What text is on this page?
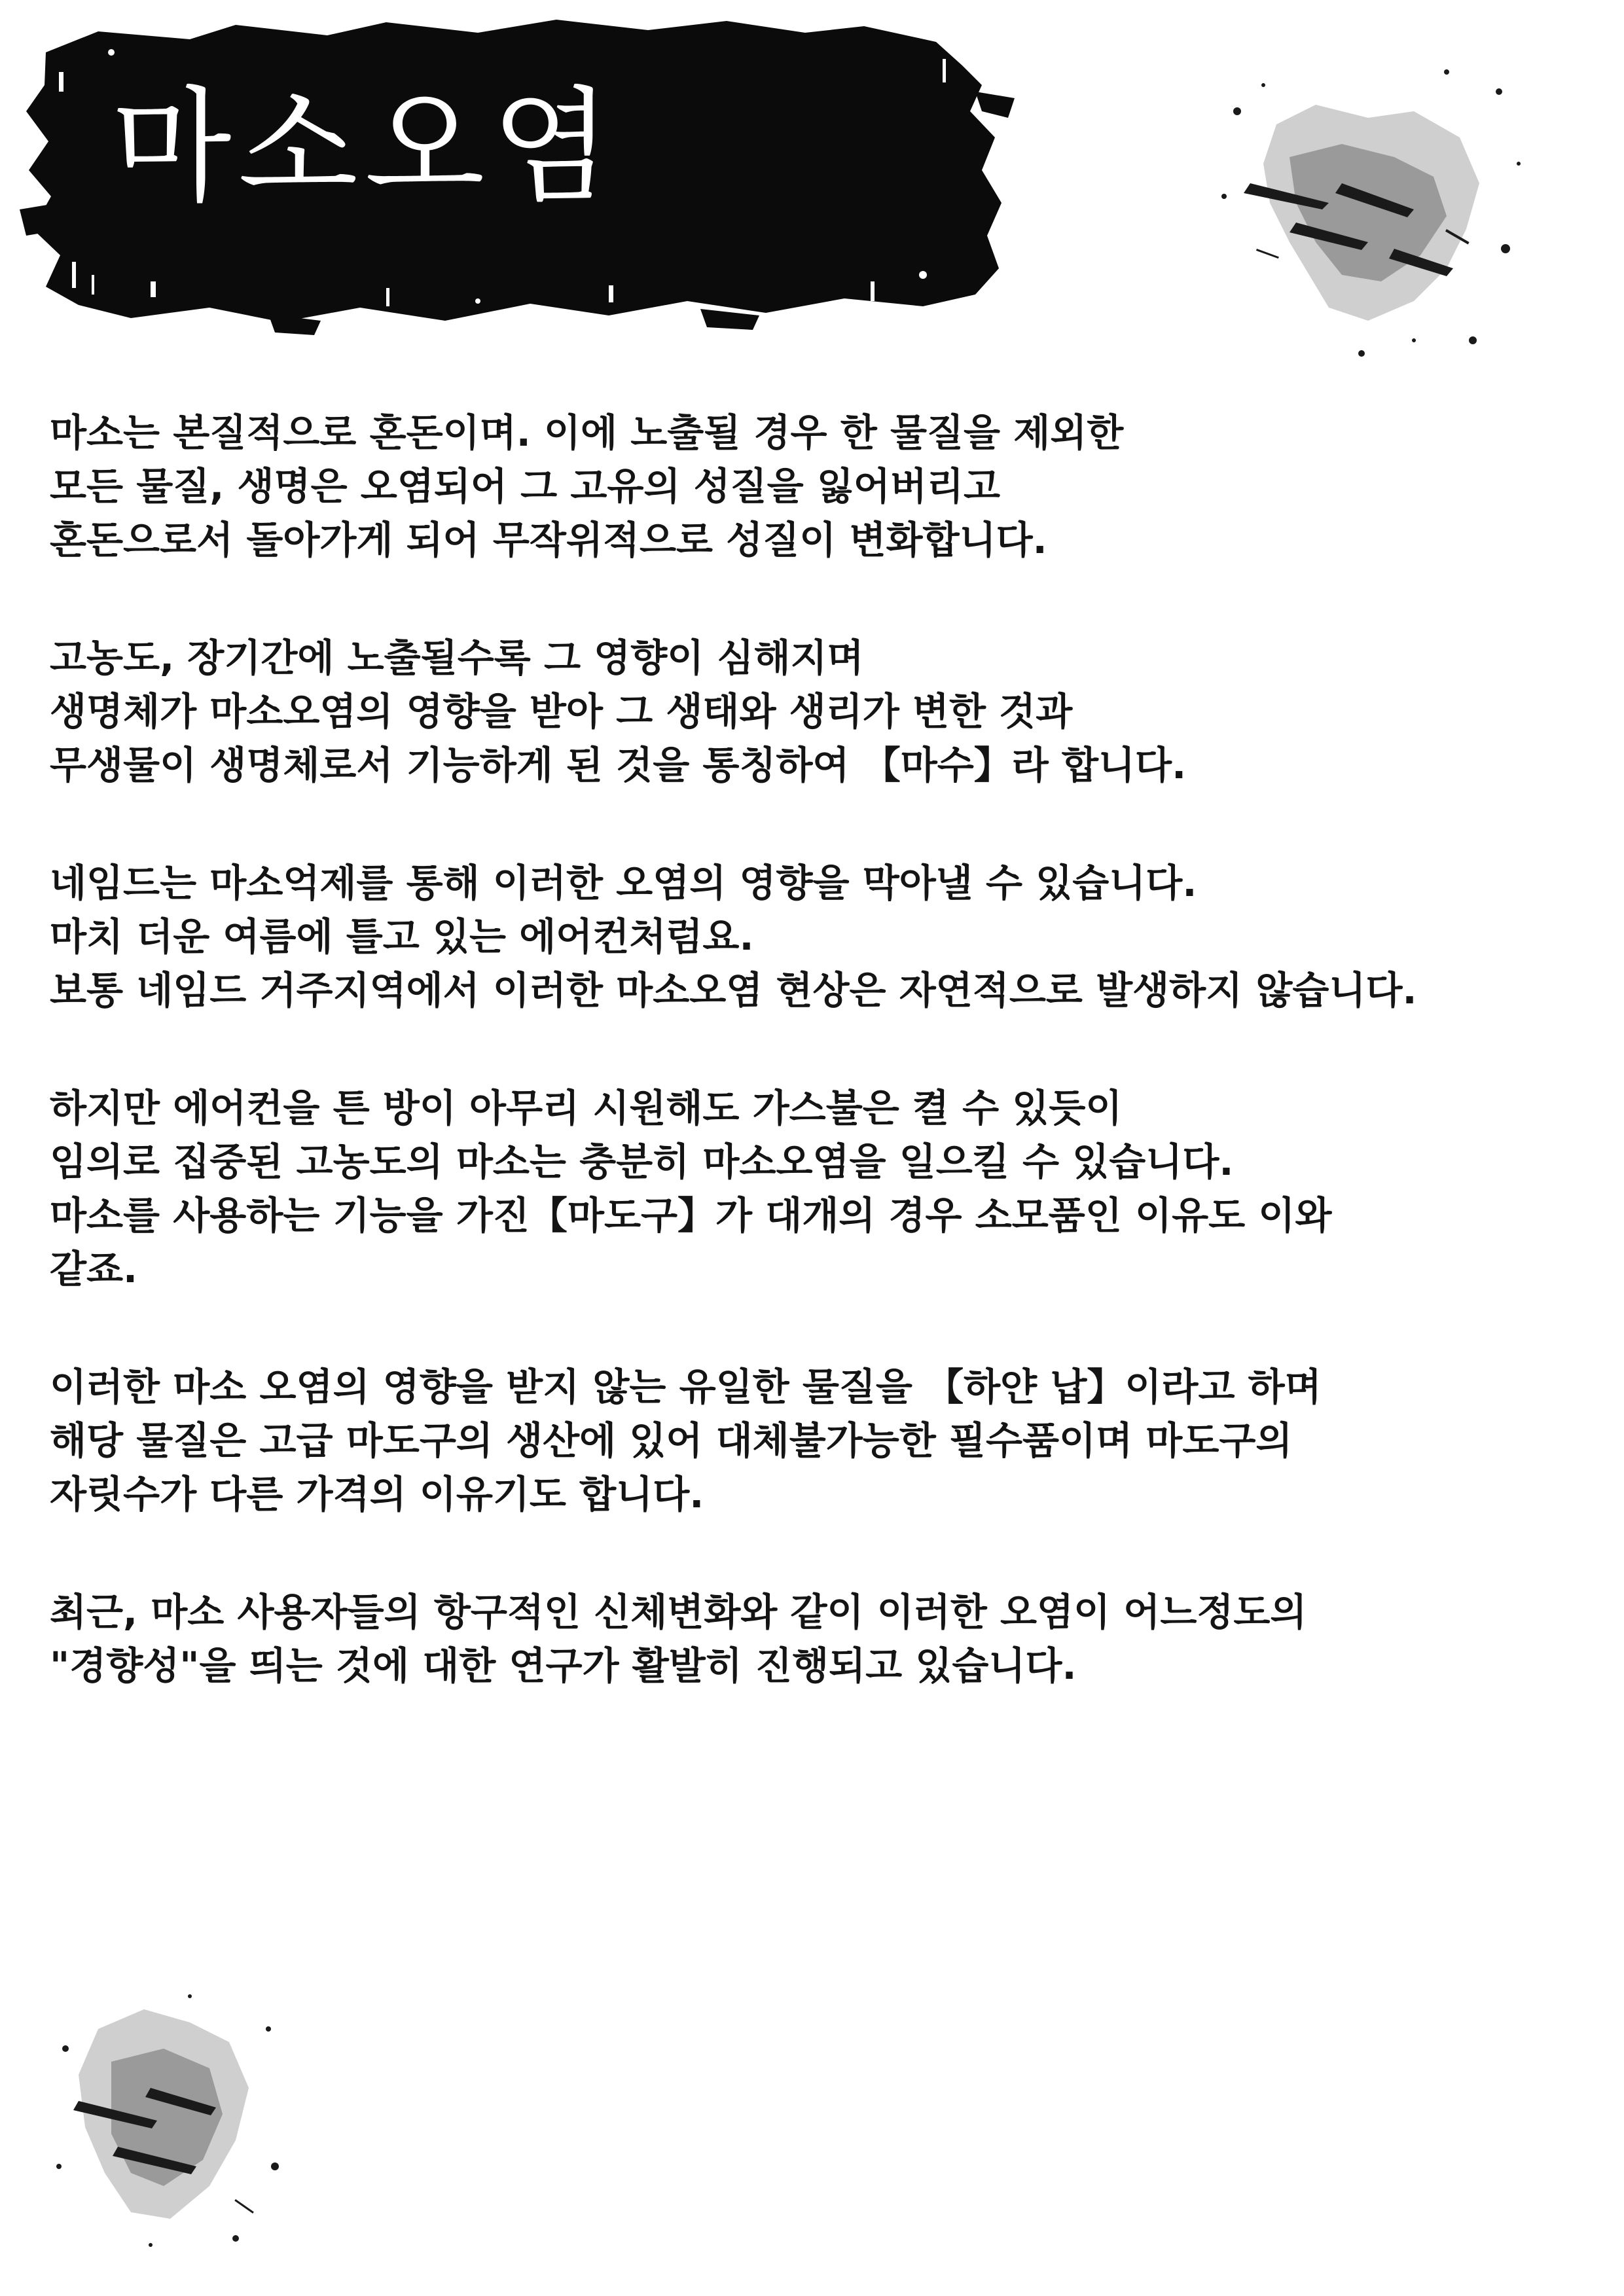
마소오염
마소는 본질적으로 혼돈이며. 이에 노출될 경우 한 물질을 제외한
모든 물질, 생명은 오염되어 그 고유의 성질을 잃어버리고
혼돈으로서 돌아가게 되어 무작위적으로 성질이 변화합니다.
고농도, 장기간에 노출될수록 그 영향이 심해지며
생명체가 마소오염의 영향을 받아 그 생태와 생리가 변한 것과
무생물이 생명체로서 기능하게 된 것을 통칭하여 【마수】라 합니다.
네임드는 마소억제를 통해 이러한 오염의 영향을 막아낼 수 있습니다.
마치 더운 여름에 틀고 있는 에어컨처럼요.
보통 네임드 거주지역에서 이러한 마소오염 현상은 자연적으로 발생하지 않습니다.
하지만 에어컨을 튼 방이 아무리 시원해도 가스불은 켤 수 있듯이
임의로 집중된 고농도의 마소는 충분히 마소오염을 일으킬 수 있습니다.
마소를 사용하는 기능을 가진【마도구】가 대개의 경우 소모품인 이유도 이와
같죠.
이러한 마소 오염의 영향을 받지 않는 유일한 물질을 【하얀 납】이라고 하며
해당 물질은 고급 마도구의 생산에 있어 대체불가능한 필수품이며 마도구의
자릿수가 다른 가격의 이유기도 합니다.
최근, 마소 사용자들의 항구적인 신체변화와 같이 이러한 오염이 어느정도의
"경향성"을 띄는 것에 대한 연구가 활발히 진행되고 있습니다.
